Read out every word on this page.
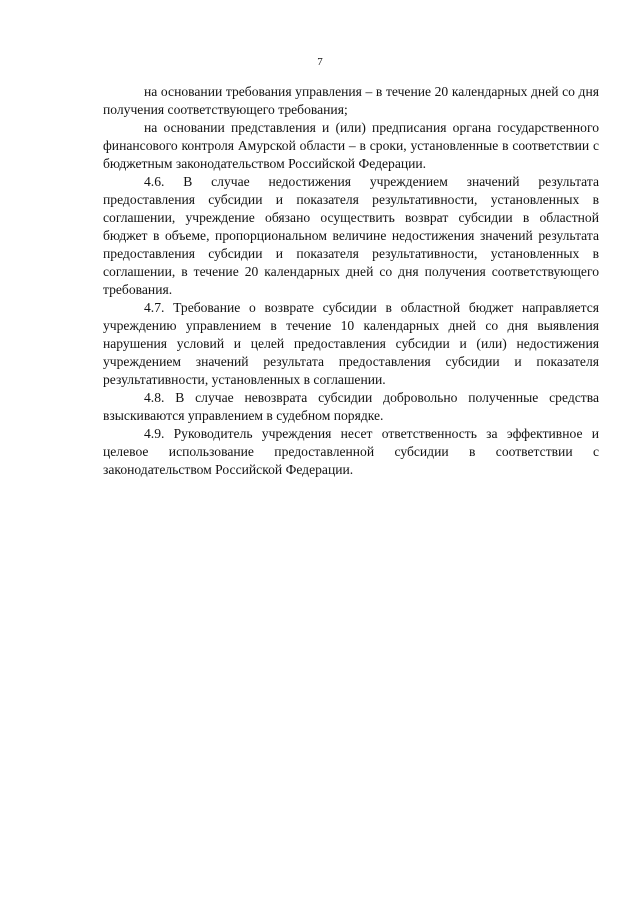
7

на основании требования управления – в течение 20 календарных дней со дня получения соответствующего требования;

на основании представления и (или) предписания органа государственного финансового контроля Амурской области – в сроки, установленные в соответствии с бюджетным законодательством Российской Федерации.

4.6. В случае недостижения учреждением значений результата предоставления субсидии и показателя результативности, установленных в соглашении, учреждение обязано осуществить возврат субсидии в областной бюджет в объеме, пропорциональном величине недостижения значений результата предоставления субсидии и показателя результативности, установленных в соглашении, в течение 20 календарных дней со дня получения соответствующего требования.

4.7. Требование о возврате субсидии в областной бюджет направляется учреждению управлением в течение 10 календарных дней со дня выявления нарушения условий и целей предоставления субсидии и (или) недостижения учреждением значений результата предоставления субсидии и показателя результативности, установленных в соглашении.

4.8. В случае невозврата субсидии добровольно полученные средства взыскиваются управлением в судебном порядке.

4.9. Руководитель учреждения несет ответственность за эффективное и целевое использование предоставленной субсидии в соответствии с законодательством Российской Федерации.
